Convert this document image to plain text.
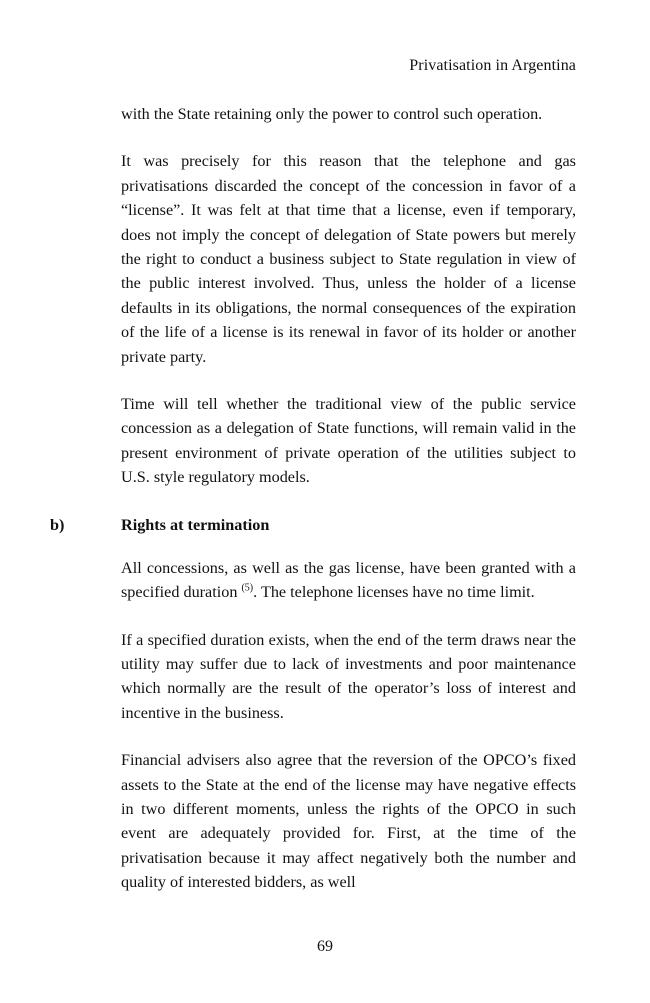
Privatisation in Argentina

with the State retaining only the power to control such operation.

It was precisely for this reason that the telephone and gas privatisations discarded the concept of the concession in favor of a “license”. It was felt at that time that a license, even if temporary, does not imply the concept of delegation of State powers but merely the right to conduct a business subject to State regulation in view of the public interest involved. Thus, unless the holder of a license defaults in its obligations, the normal consequences of the expiration of the life of a license is its renewal in favor of its holder or another private party.

Time will tell whether the traditional view of the public service concession as a delegation of State functions, will remain valid in the present environment of private operation of the utilities subject to U.S. style regulatory models.

b)	Rights at termination

All concessions, as well as the gas license, have been granted with a specified duration $^{(5)}$. The telephone licenses have no time limit.

If a specified duration exists, when the end of the term draws near the utility may suffer due to lack of investments and poor maintenance which normally are the result of the operator’s loss of interest and incentive in the business.

Financial advisers also agree that the reversion of the OPCO’s fixed assets to the State at the end of the license may have negative effects in two different moments, unless the rights of the OPCO in such event are adequately provided for. First, at the time of the privatisation because it may affect negatively both the number and quality of interested bidders, as well

69
